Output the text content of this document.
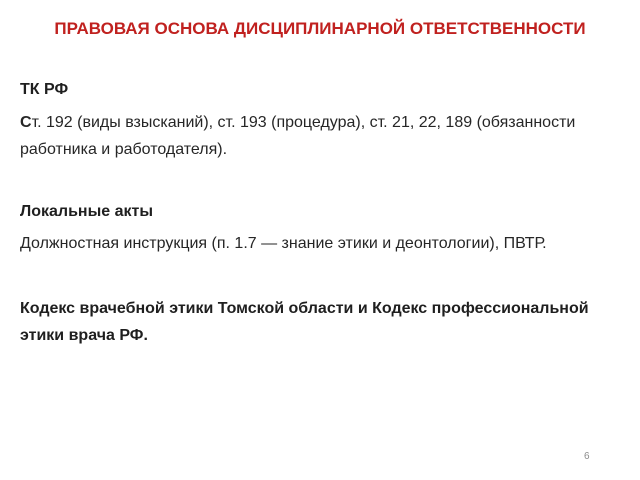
ПРАВОВАЯ ОСНОВА ДИСЦИПЛИНАРНОЙ ОТВЕТСТВЕННОСТИ

ТК РФ

Ст. 192 (виды взысканий), ст. 193 (процедура), ст. 21, 22, 189 (обязанности работника и работодателя).

Локальные акты

Должностная инструкция (п. 1.7 — знание этики и деонтологии), ПВТР.

Кодекс врачебной этики Томской области и Кодекс профессиональной этики врача РФ.

6
